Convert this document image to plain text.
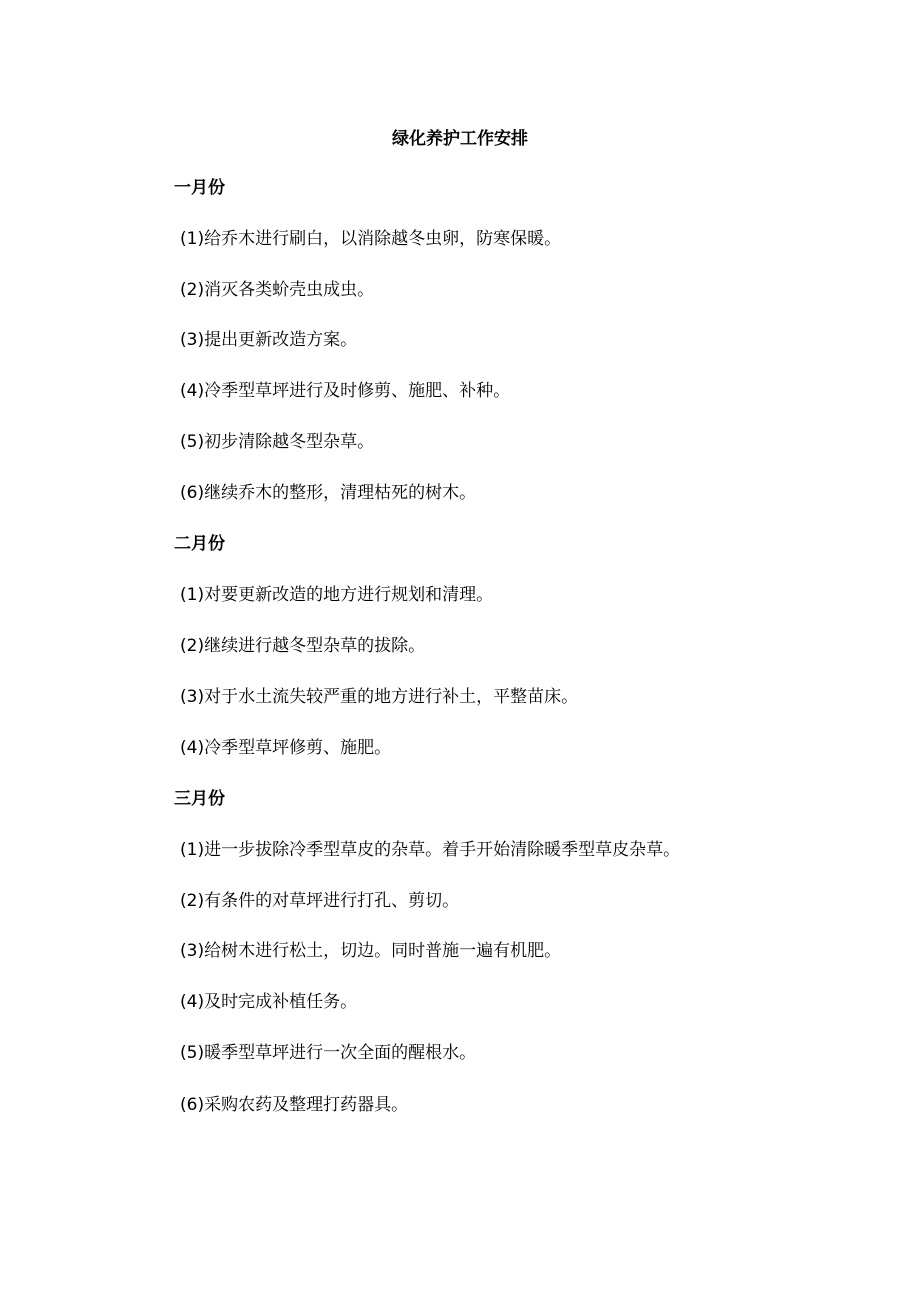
绿化养护工作安排
一月份
(1)给乔木进行刷白，以消除越冬虫卵，防寒保暖。
(2)消灭各类蚧壳虫成虫。
(3)提出更新改造方案。
(4)冷季型草坪进行及时修剪、施肥、补种。
(5)初步清除越冬型杂草。
(6)继续乔木的整形，清理枯死的树木。
二月份
(1)对要更新改造的地方进行规划和清理。
(2)继续进行越冬型杂草的拔除。
(3)对于水土流失较严重的地方进行补土，平整苗床。
(4)冷季型草坪修剪、施肥。
三月份
(1)进一步拔除冷季型草皮的杂草。着手开始清除暖季型草皮杂草。
(2)有条件的对草坪进行打孔、剪切。
(3)给树木进行松土，切边。同时普施一遍有机肥。
(4)及时完成补植任务。
(5)暖季型草坪进行一次全面的醒根水。
(6)采购农药及整理打药器具。
